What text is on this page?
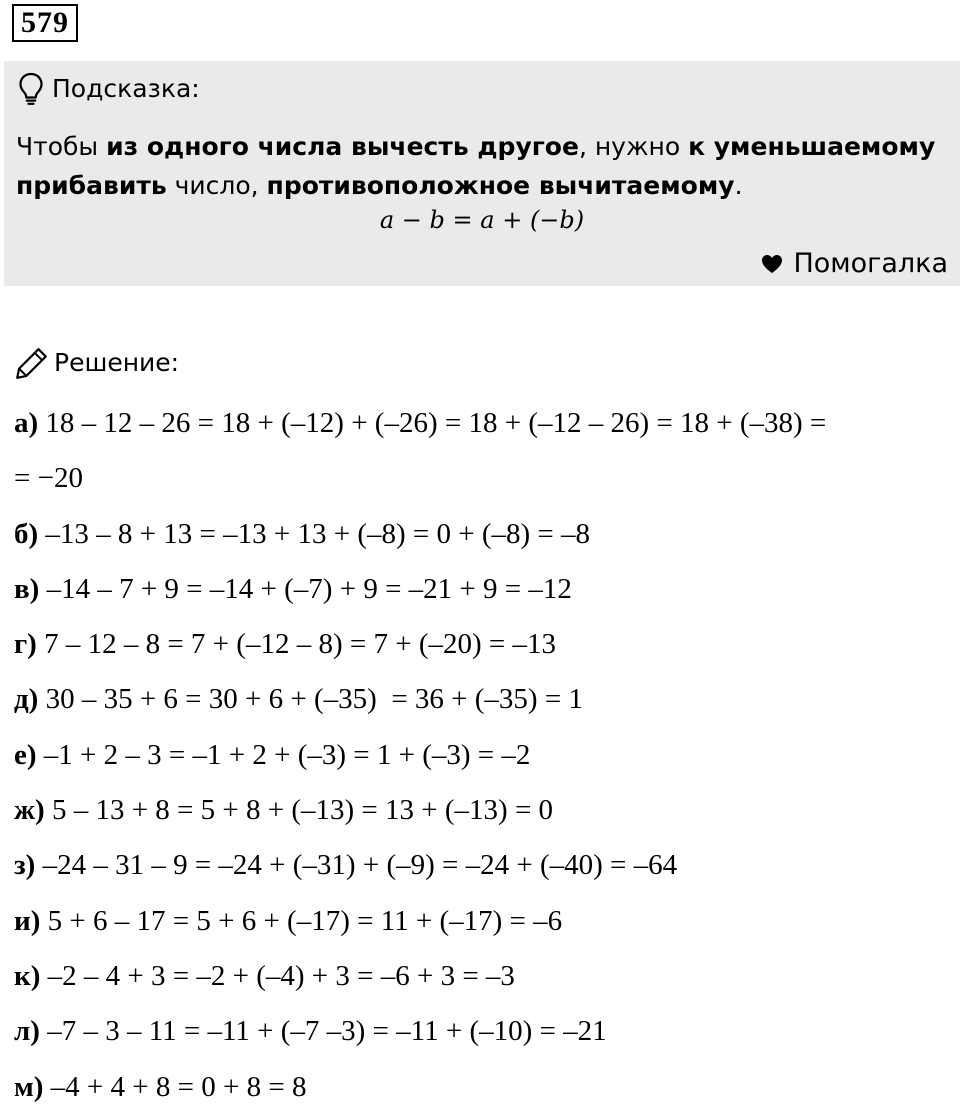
579
Подсказка:
Чтобы из одного числа вычесть другое, нужно к уменьшаемому прибавить число, противоположное вычитаемому.
a − b = a + (−b)
Помогалка
Решение:
а) 18 – 12 – 26 = 18 + (–12) + (–26) = 18 + (–12 – 26) = 18 + (–38) =
= −20
б) –13 – 8 + 13 = –13 + 13 + (–8) = 0 + (–8) = –8
в) –14 – 7 + 9 = –14 + (–7) + 9 = –21 + 9 = –12
г) 7 – 12 – 8 = 7 + (–12 – 8) = 7 + (–20) = –13
д) 30 – 35 + 6 = 30 + 6 + (–35)  = 36 + (–35) = 1
е) –1 + 2 – 3 = –1 + 2 + (–3) = 1 + (–3) = –2
ж) 5 – 13 + 8 = 5 + 8 + (–13) = 13 + (–13) = 0
з) –24 – 31 – 9 = –24 + (–31) + (–9) = –24 + (–40) = –64
и) 5 + 6 – 17 = 5 + 6 + (–17) = 11 + (–17) = –6
к) –2 – 4 + 3 = –2 + (–4) + 3 = –6 + 3 = –3
л) –7 – 3 – 11 = –11 + (–7 –3) = –11 + (–10) = –21
м) –4 + 4 + 8 = 0 + 8 = 8
